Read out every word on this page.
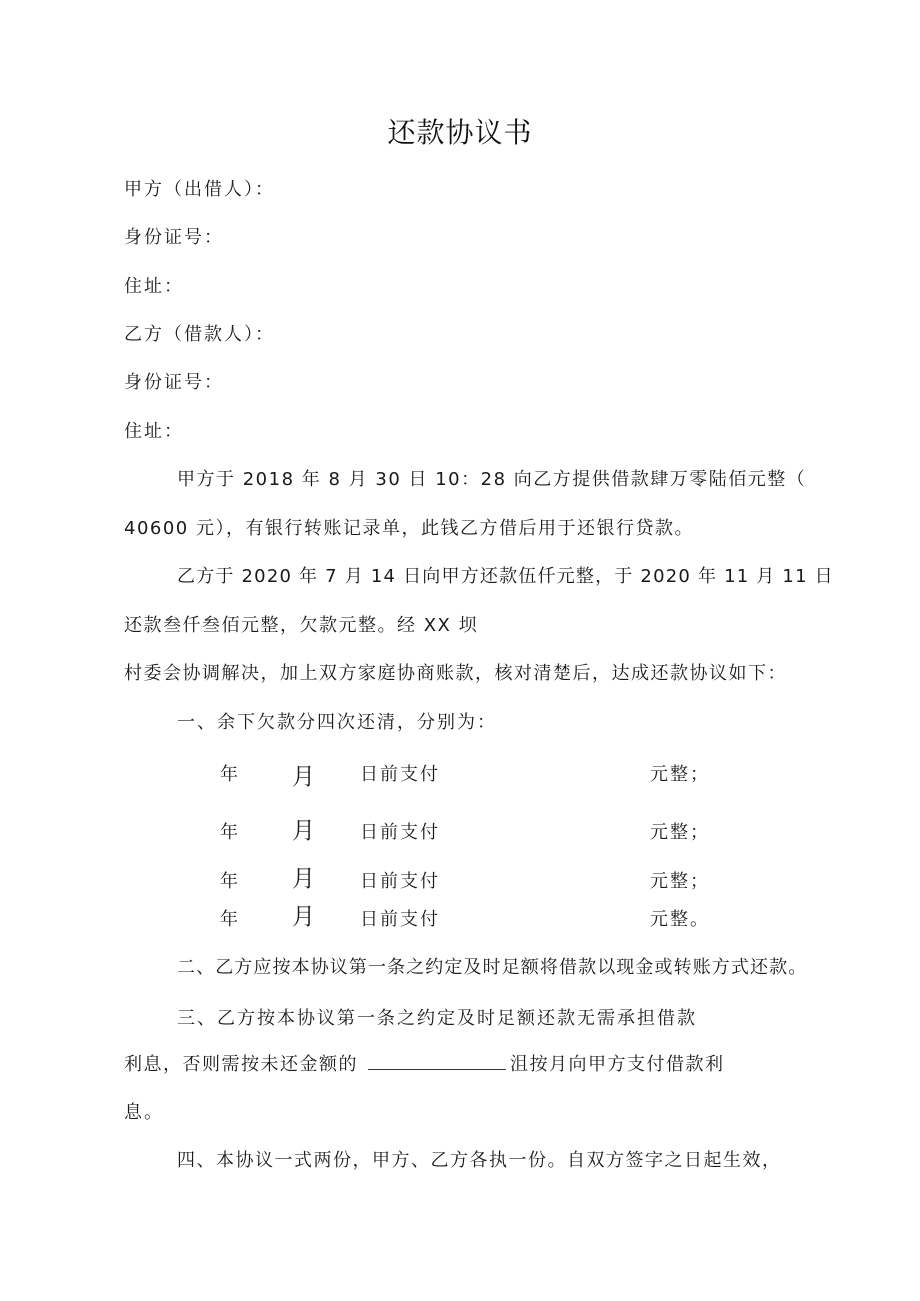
还款协议书
甲方（出借人）：
身份证号：
住址：
乙方（借款人）：
身份证号：
住址：
甲方于 2018 年 8 月 30 日 10：28 向乙方提供借款肆万零陆佰元整（
40600 元），有银行转账记录单，此钱乙方借后用于还银行贷款。
乙方于 2020 年 7 月 14 日向甲方还款伍仟元整，于 2020 年 11 月 11 日
还款叁仟叁佰元整，欠款元整。经 XX 坝
村委会协调解决，加上双方家庭协商账款，核对清楚后，达成还款协议如下：
一、余下欠款分四次还清，分别为：
年 月	日前支付	元整；
年 月	日前支付	元整；
年 月	日前支付	元整；
年 月	日前支付	元整。
二、乙方应按本协议第一条之约定及时足额将借款以现金或转账方式还款。
三、乙方按本协议第一条之约定及时足额还款无需承担借款
利息，否则需按未还金额的	沮按月向甲方支付借款利
息。
四、本协议一式两份，甲方、乙方各执一份。自双方签字之日起生效，
